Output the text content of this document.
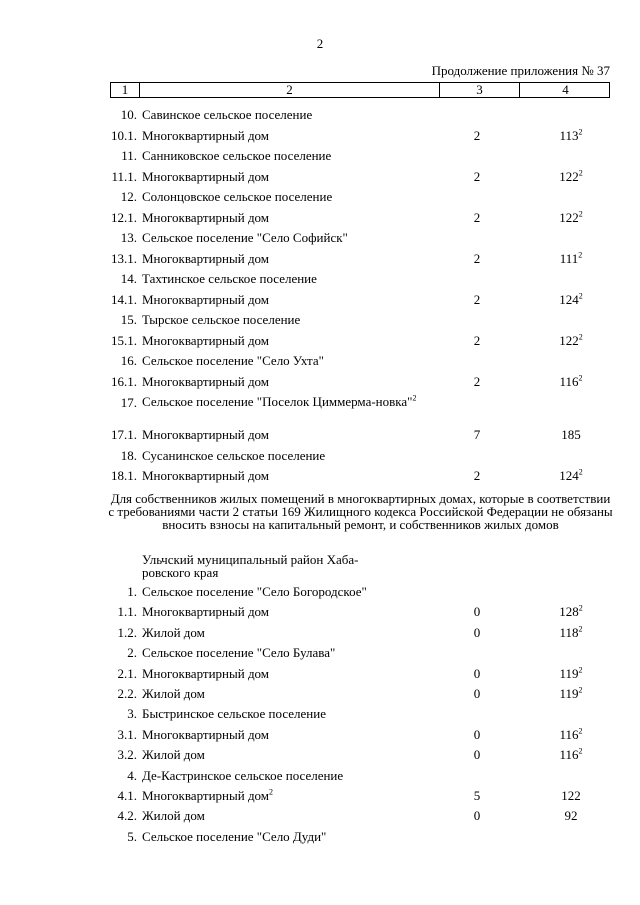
2
Продолжение приложения № 37
1	2	3	4
10. Савинское сельское поселение
10.1. Многоквартирный дом	2	$113^2$
11. Санниковское сельское поселение
11.1. Многоквартирный дом	2	$122^2$
12. Солонцовское сельское поселение
12.1. Многоквартирный дом	2	$122^2$
13. Сельское поселение "Село Софийск"
13.1. Многоквартирный дом	2	$111^2$
14. Тахтинское сельское поселение
14.1. Многоквартирный дом	2	$124^2$
15. Тырское сельское поселение
15.1. Многоквартирный дом	2	$122^2$
16. Сельское поселение "Село Ухта"
16.1. Многоквартирный дом	2	$116^2$
17. Сельское поселение "Поселок Циммерма-новка"$^2$
17.1. Многоквартирный дом	7	185
18. Сусанинское сельское поселение
18.1. Многоквартирный дом	2	$124^2$
1. Сельское поселение "Село Богородское"
1.1. Многоквартирный дом	0	$128^2$
1.2. Жилой дом	0	$118^2$
2. Сельское поселение "Село Булава"
2.1. Многоквартирный дом	0	$119^2$
2.2. Жилой дом	0	$119^2$
3. Быстринское сельское поселение
3.1. Многоквартирный дом	0	$116^2$
3.2. Жилой дом	0	$116^2$
4. Де-Кастринское сельское поселение
4.1. Многоквартирный дом$^2$	5	122
4.2. Жилой дом	0	92
5. Сельское поселение "Село Дуди"
Для собственников жилых помещений в многоквартирных домах, которые в соответствии с требованиями части 2 статьи 169 Жилищного кодекса Российской Федерации не обязаны вносить взносы на капитальный ремонт, и собственников жилых домов
Ульчский муниципальный район Хаба-ровского края
